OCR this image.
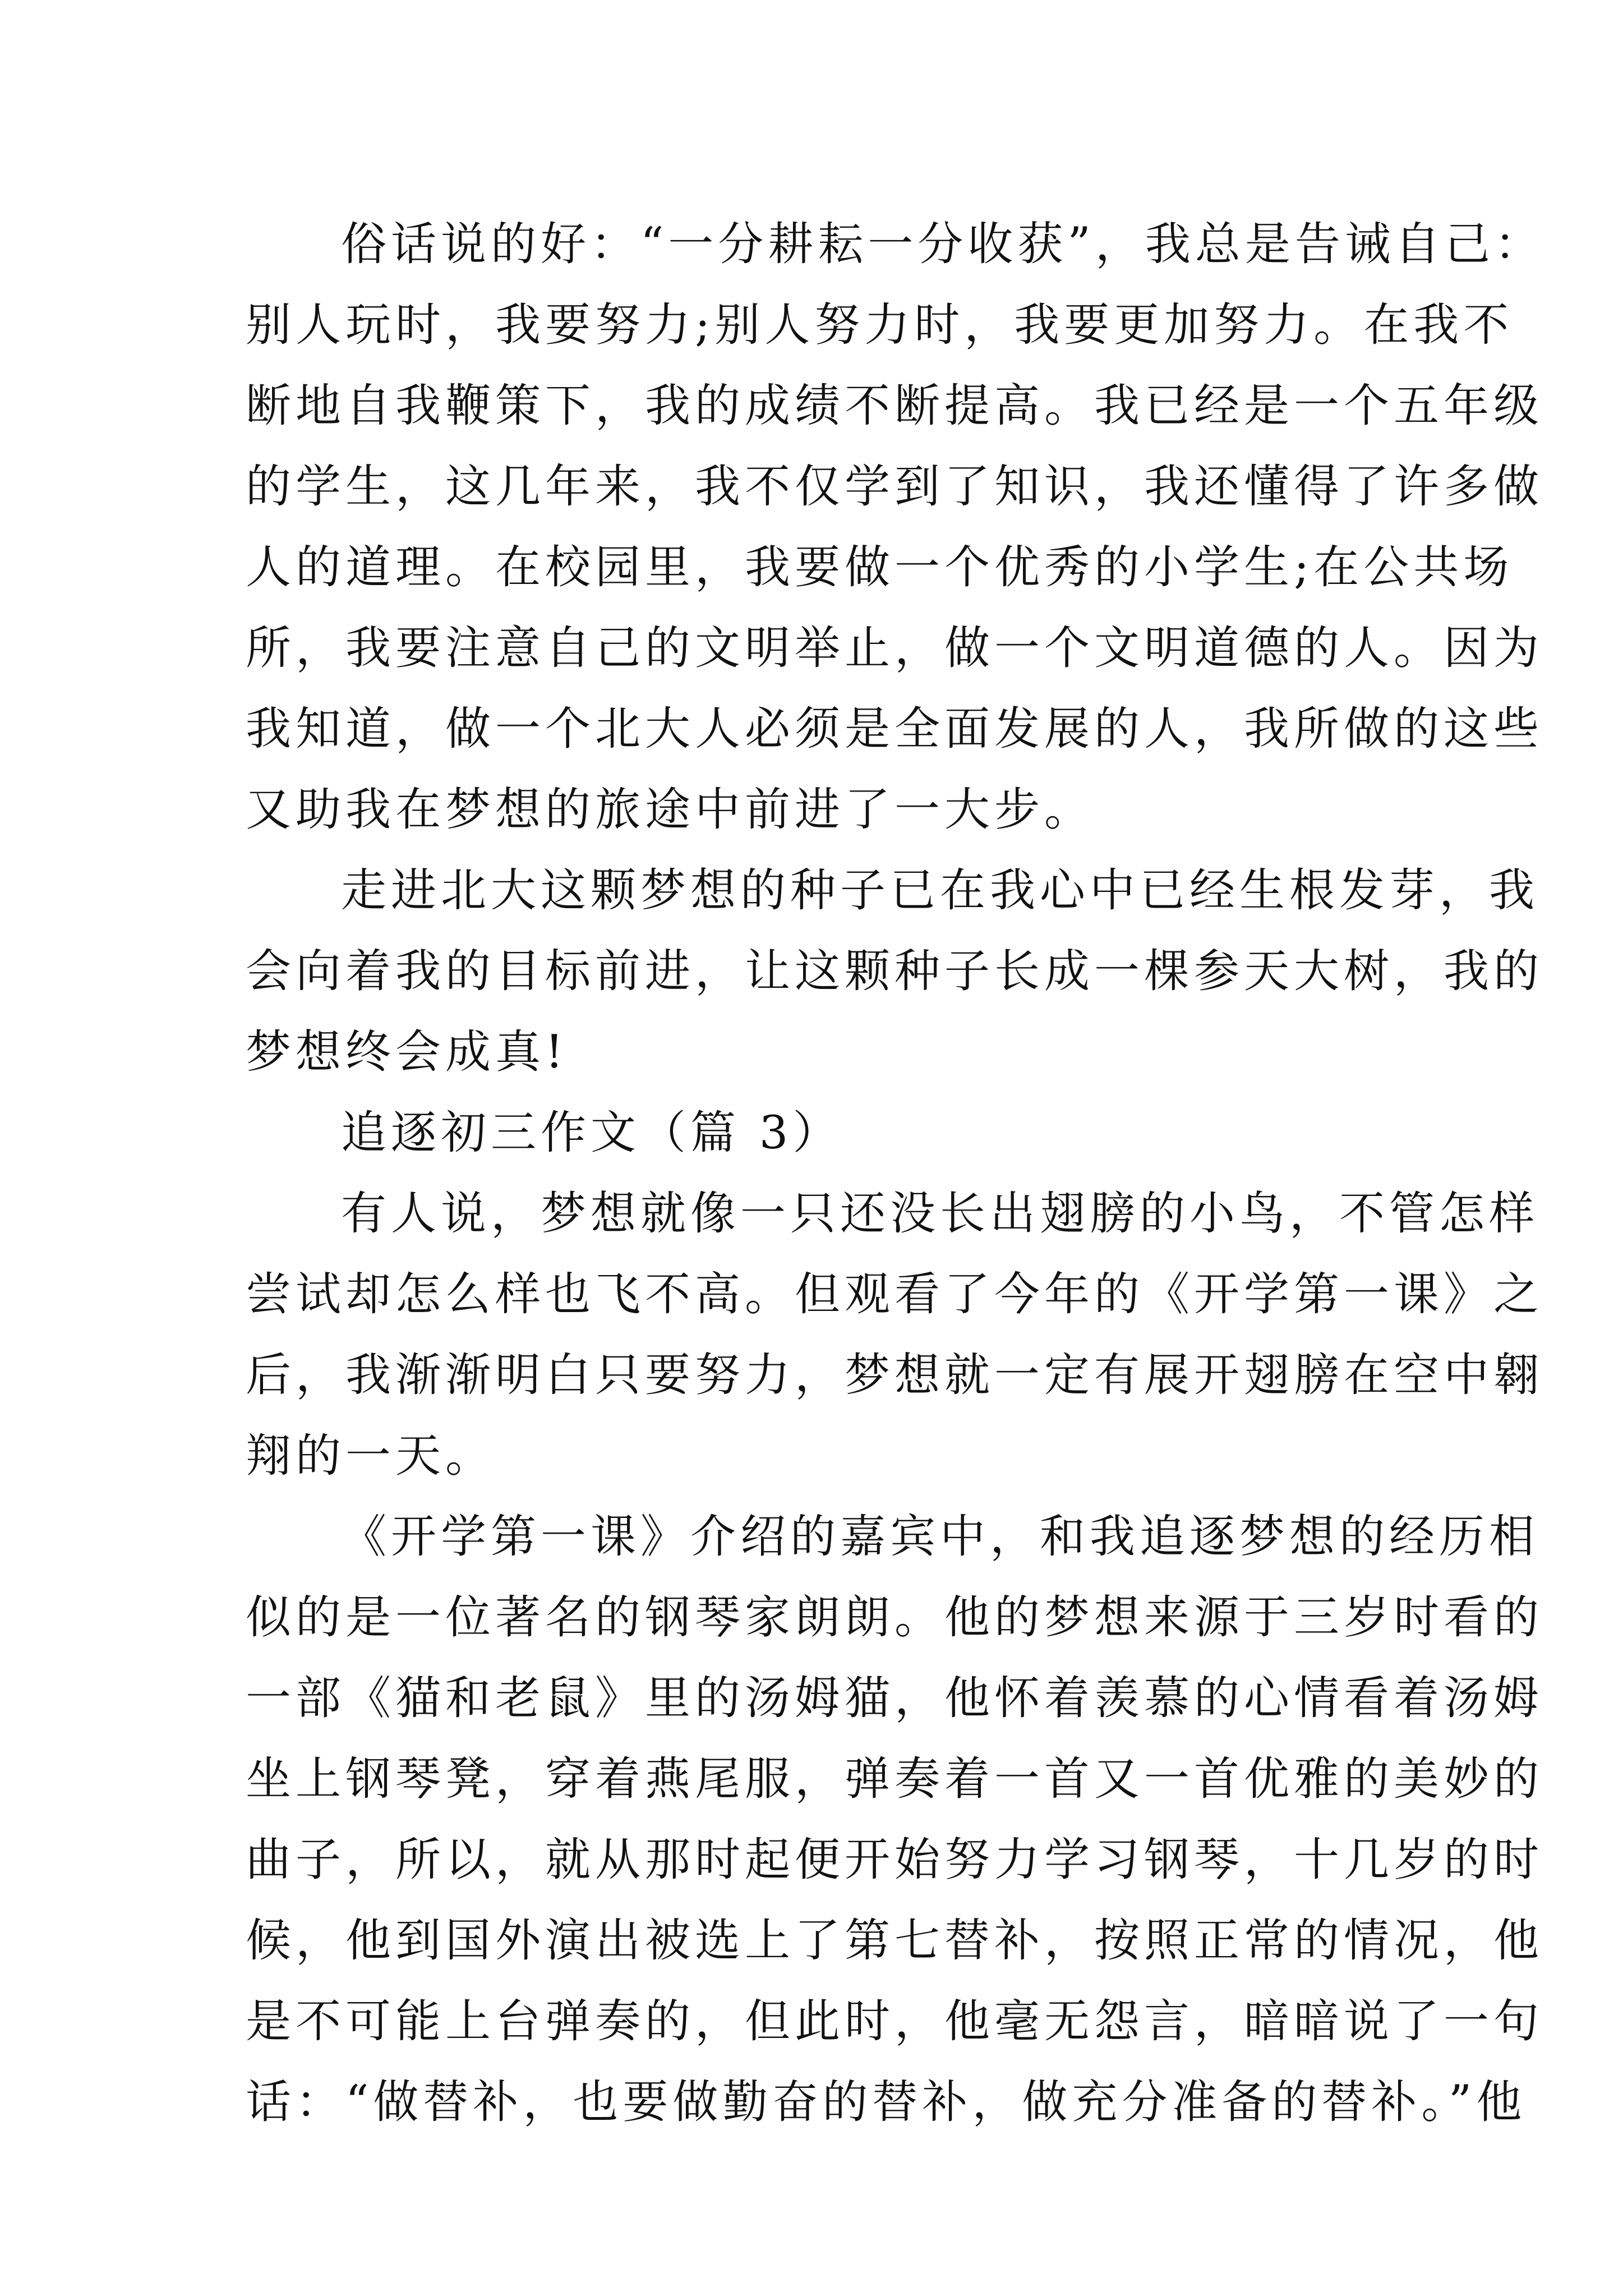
俗话说的好：“一分耕耘一分收获”，我总是告诫自己：
别人玩时，我要努力;别人努力时，我要更加努力。在我不
断地自我鞭策下，我的成绩不断提高。我已经是一个五年级
的学生，这几年来，我不仅学到了知识，我还懂得了许多做
人的道理。在校园里，我要做一个优秀的小学生;在公共场
所，我要注意自己的文明举止，做一个文明道德的人。因为
我知道，做一个北大人必须是全面发展的人，我所做的这些
又助我在梦想的旅途中前进了一大步。
走进北大这颗梦想的种子已在我心中已经生根发芽，我
会向着我的目标前进，让这颗种子长成一棵参天大树，我的
梦想终会成真!
追逐初三作文（篇 3）
有人说，梦想就像一只还没长出翅膀的小鸟，不管怎样
尝试却怎么样也飞不高。但观看了今年的《开学第一课》之
后，我渐渐明白只要努力，梦想就一定有展开翅膀在空中翱
翔的一天。
《开学第一课》介绍的嘉宾中，和我追逐梦想的经历相
似的是一位著名的钢琴家朗朗。他的梦想来源于三岁时看的
一部《猫和老鼠》里的汤姆猫，他怀着羡慕的心情看着汤姆
坐上钢琴凳，穿着燕尾服，弹奏着一首又一首优雅的美妙的
曲子，所以，就从那时起便开始努力学习钢琴，十几岁的时
候，他到国外演出被选上了第七替补，按照正常的情况，他
是不可能上台弹奏的，但此时，他毫无怨言，暗暗说了一句
话：“做替补，也要做勤奋的替补，做充分准备的替补。”他
